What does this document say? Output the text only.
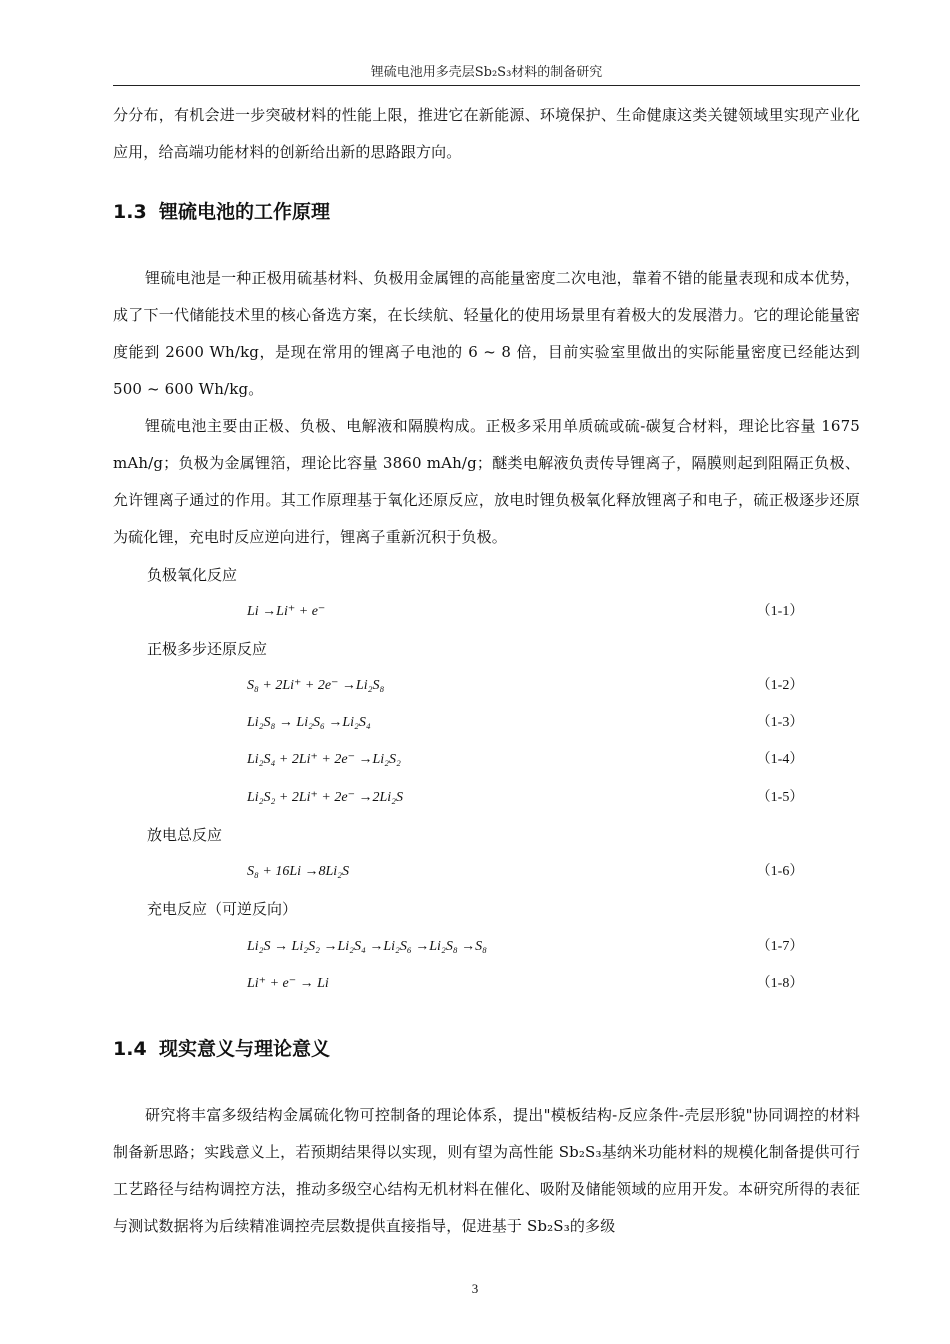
锂硫电池用多壳层Sb₂S₃材料的制备研究

分分布，有机会进一步突破材料的性能上限，推进它在新能源、环境保护、生命健康这类关键领域里实现产业化应用，给高端功能材料的创新给出新的思路跟方向。

1.3 锂硫电池的工作原理

锂硫电池是一种正极用硫基材料、负极用金属锂的高能量密度二次电池，靠着不错的能量表现和成本优势，成了下一代储能技术里的核心备选方案，在长续航、轻量化的使用场景里有着极大的发展潜力。它的理论能量密度能到 2600 Wh/kg，是现在常用的锂离子电池的 6 ~ 8 倍，目前实验室里做出的实际能量密度已经能达到 500 ~ 600 Wh/kg。

锂硫电池主要由正极、负极、电解液和隔膜构成。正极多采用单质硫或硫-碳复合材料，理论比容量 1675 mAh/g；负极为金属锂箔，理论比容量 3860 mAh/g；醚类电解液负责传导锂离子，隔膜则起到阻隔正负极、允许锂离子通过的作用。其工作原理基于氧化还原反应，放电时锂负极氧化释放锂离子和电子，硫正极逐步还原为硫化锂，充电时反应逆向进行，锂离子重新沉积于负极。

负极氧化反应
Li →Li⁺ + e⁻	（1-1）
正极多步还原反应
S₈ + 2Li⁺ + 2e⁻ →Li₂S₈	（1-2）
Li₂S₈ → Li₂S₆ →Li₂S₄	（1-3）
Li₂S₄ + 2Li⁺ + 2e⁻ →Li₂S₂	（1-4）
Li₂S₂ + 2Li⁺ + 2e⁻ →2Li₂S	（1-5）
放电总反应
S₈ + 16Li →8Li₂S	（1-6）
充电反应（可逆反向）
Li₂S → Li₂S₂ →Li₂S₄ →Li₂S₆ →Li₂S₈ →S₈	（1-7）
Li⁺ + e⁻ → Li	（1-8）
1.4 现实意义与理论意义

研究将丰富多级结构金属硫化物可控制备的理论体系，提出"模板结构-反应条件-壳层形貌"协同调控的材料制备新思路；实践意义上，若预期结果得以实现，则有望为高性能 Sb₂S₃基纳米功能材料的规模化制备提供可行工艺路径与结构调控方法，推动多级空心结构无机材料在催化、吸附及储能领域的应用开发。本研究所得的表征与测试数据将为后续精准调控壳层数提供直接指导，促进基于 Sb₂S₃的多级

3
